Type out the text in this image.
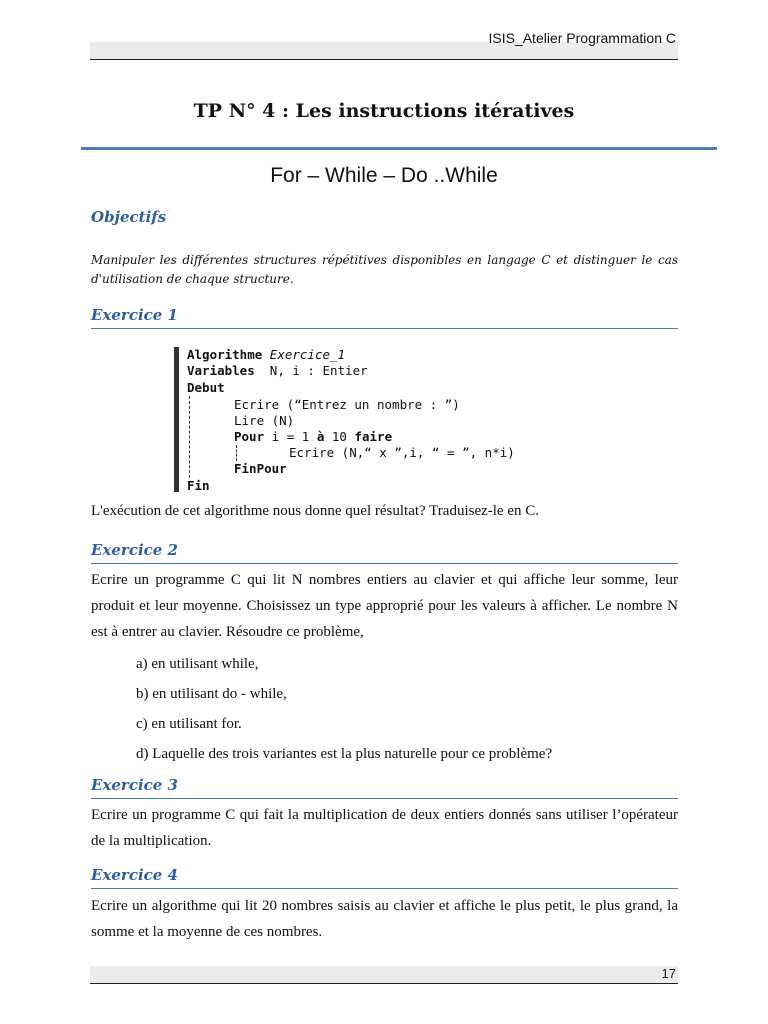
ISIS_Atelier Programmation C
TP N° 4 : Les instructions itératives
For – While – Do ..While
Objectifs
Manipuler les différentes structures répétitives disponibles en langage C et distinguer le cas d'utilisation de chaque structure.
Exercice 1
Algorithme Exercice_1
Variables N, i : Entier
Debut
Ecrire (“Entrez un nombre : ”)
Lire (N)
Pour i = 1 à 10 faire
Ecrire (N,“ x ”,i, “ = ”, n*i)
FinPour
Fin
L'exécution de cet algorithme nous donne quel résultat? Traduisez-le en C.
Exercice 2
Ecrire un programme C qui lit N nombres entiers au clavier et qui affiche leur somme, leur produit et leur moyenne. Choisissez un type approprié pour les valeurs à afficher. Le nombre N est à entrer au clavier. Résoudre ce problème,
a) en utilisant while,
b) en utilisant do - while,
c) en utilisant for.
d) Laquelle des trois variantes est la plus naturelle pour ce problème?
Exercice 3
Ecrire un programme C qui fait la multiplication de deux entiers donnés sans utiliser l’opérateur de la multiplication.
Exercice 4
Ecrire un algorithme qui lit 20 nombres saisis au clavier et affiche le plus petit, le plus grand, la somme et la moyenne de ces nombres.
17
